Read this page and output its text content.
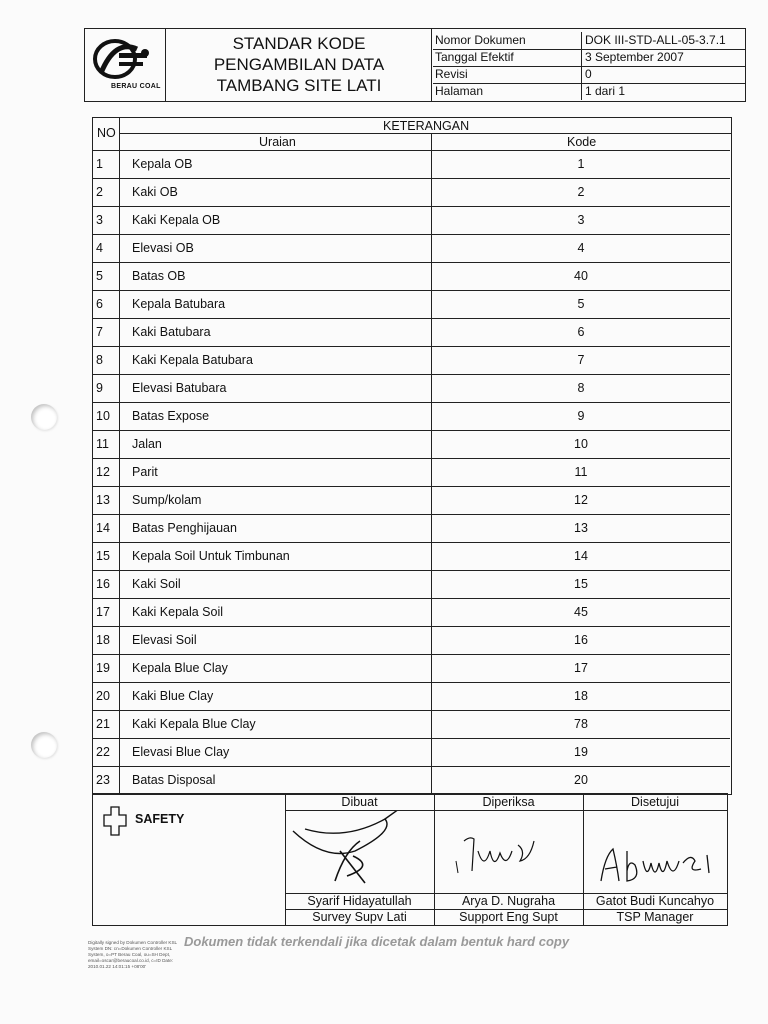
BERAU COAL
STANDAR KODE
PENGAMBILAN DATA
TAMBANG SITE LATI
Nomor Dokumen	DOK III-STD-ALL-05-3.7.1
Tanggal Efektif	3 September 2007
Revisi	0
Halaman	1 dari 1
NO	KETERANGAN
Uraian	Kode
1 Kepala OB	1
2 Kaki OB	2
3 Kaki Kepala OB	3
4 Elevasi OB	4
5 Batas OB	40
6 Kepala Batubara	5
7 Kaki Batubara	6
8 Kaki Kepala Batubara	7
9 Elevasi Batubara	8
10 Batas Expose	9
11 Jalan	10
12 Parit	11
13 Sump/kolam	12
14 Batas Penghijauan	13
15 Kepala Soil Untuk Timbunan	14
16 Kaki Soil	15
17 Kaki Kepala Soil	45
18 Elevasi Soil	16
19 Kepala Blue Clay	17
20 Kaki Blue Clay	18
21 Kaki Kepala Blue Clay	78
22 Elevasi Blue Clay	19
23 Batas Disposal	20
SAFETY
Dibuat	Diperiksa	Disetujui
Syarif Hidayatullah	Arya D. Nugraha	Gatot Budi Kuncahyo
Survey Supv Lati	Support Eng Supt	TSP Manager
Digitally signed by Dokumen Controller KSL System DN: cn=Dokumen Controller KSL System, o=PT Berau Coal, ou=SH Dept, email=oscar@beraucoal.co.id, c=ID Date: 2010.01.22 14:01:15 +08'00'
Dokumen tidak terkendali jika dicetak dalam bentuk hard copy
